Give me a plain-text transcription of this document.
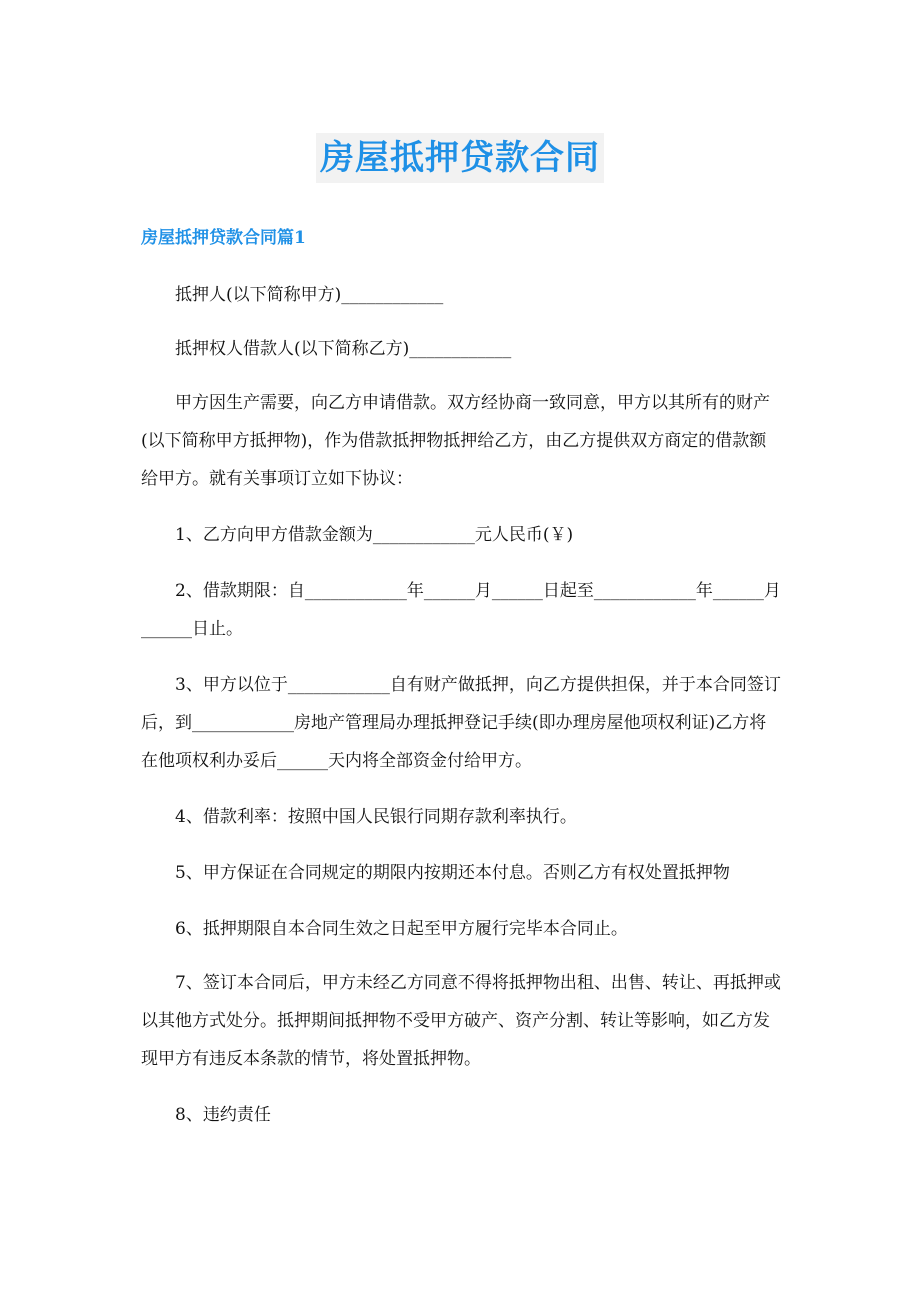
房屋抵押贷款合同
房屋抵押贷款合同篇1

抵押人(以下简称甲方)____________

抵押权人借款人(以下简称乙方)____________

甲方因生产需要，向乙方申请借款。双方经协商一致同意，甲方以其所有的财产(以下简称甲方抵押物)，作为借款抵押物抵押给乙方，由乙方提供双方商定的借款额给甲方。就有关事项订立如下协议：

1、乙方向甲方借款金额为____________元人民币(￥)

2、借款期限：自____________年______月______日起至____________年______月______日止。

3、甲方以位于____________自有财产做抵押，向乙方提供担保，并于本合同签订后，到____________房地产管理局办理抵押登记手续(即办理房屋他项权利证)乙方将在他项权利办妥后______天内将全部资金付给甲方。

4、借款利率：按照中国人民银行同期存款利率执行。

5、甲方保证在合同规定的期限内按期还本付息。否则乙方有权处置抵押物

6、抵押期限自本合同生效之日起至甲方履行完毕本合同止。

7、签订本合同后，甲方未经乙方同意不得将抵押物出租、出售、转让、再抵押或以其他方式处分。抵押期间抵押物不受甲方破产、资产分割、转让等影响，如乙方发现甲方有违反本条款的情节，将处置抵押物。

8、违约责任
